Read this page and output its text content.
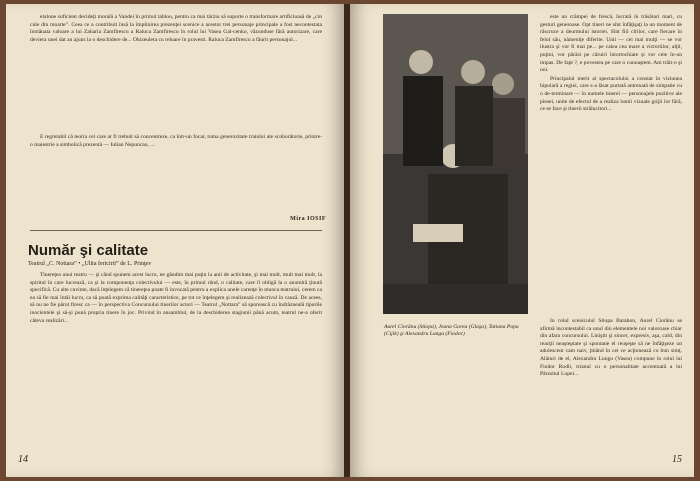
etalone suficient decideţi morală a Vandei în primul tablou, pentru ca mai târziu să suporte o transformare artificioasă de „cin cule din moarte”. Ceea ce a contribuit însă la împlinirea prezenţei scenice a acestor trei personaje principale a fost necontestata înmânata valoare a lui Zaharia Zamfirescu a Raluca Zamfirescu în rolul lui Vasea Gal-cenko, văzunduse fără autorizare, care deviera unei dat au ajuns la o deschidere de... Ohizeuleta cu reluare în pravesti. Raluca Zamfirescu a făurit personajul...

E regretabil că teoria cel care ar fi trebuit să concentreze, ca într-un focar, toma generozitate traiului ale scoborâtorie, printre-o maiestrie a simbolică prezentă — Iulian Nepuncau, ...

Mira IOSIF
Număr şi calitate
Teatrul „C. Nottara” • „Ulita fericirii” de L. Prinţev

Tinereţea unui teatru — şi când spunem acest lucru, ne gândim mai puţin la anii de activitate, şi mai mult, mult mai mult, la spiritul în care lucrează, ca şi la componenţa colectivului — este, în primul rând, o calitate, care îl obligă la o anumită ţinută specifică. Cu alte cuvinte, dacă înţelegem că tinereţea poate fi invocată pentru a explica unele carenţe în munca teatrului, cerem ca ea să fie mai întâi lucru, ca să poată exprima calităţi caracteristice, pe tot ce înţelegem şi realizează colectivul în cauză. De acees, să nu ne fie părut firesc ca — în perspectiva Concursului tinerilor actori — Teatrul „Nottara” să sporească cu îndrăzneală tipurile inocientele şi să-şi pună propria tinere în joc. Privind în ansamblul, de la deschiderea stagiunii până acum, teatrul ne-a oferit câteva realizări...

14

este un crâmpei de frescă, încrată în trăsături mari, cu gesturi generoase. Opt tineri ne sînt înfăţişaţi la un moment de răscruce a deurmului istoriei. Sînt fiii clrilor, care fiecare în felul său, nămeniţe diferite. Unii — cei mai mulţi — se vor ilustra şi vor fi mai pe... pe calea cea mare a victoriilor, alţii, puţini, vor părăsi pe căruiri întortochiate şi vor cele în-un impas. De fapt ?, e povestea pe care o cunoaştem. Am trăit-o şi noi.

Principalul merit al spectacolului a constat în viziunea bipolară a regiei, care s-a lăsat purtată antrenată de simpatie cu o de-terminare — în numele tinerei — personajele pozitive ale piesei, unite de efectul de a realiza lumii vizuale grijii lor fără, ce se face şi tinerii strălucitori...

Aurel Ciorănu (Stiopa), Jeana Gorea (Glaşa), Tatiana Popa (Cijik) şi Alexandru Lungu (Fiodor)

In rolul sceniculul Stiopa Barabon, Aurel Ciorănu se afirmă incontestabil ca unul din elementele noi valoroase chiar din afara concursului. Liniştit şi sincer, expresiv, aşa, cald, din reacţii neaşteptate şi spontane el reuşeşte să ne înfăţişeze un adolescent cam naiv, ţinând în cei ce acţionează cu bun simţ. Alături de el, Alexandru Lungu (Vasea) compune în rolul lui Fiodor Rodli, trianul cu o personalitate accentuată a lui Pârzsitul Lupei...

15
